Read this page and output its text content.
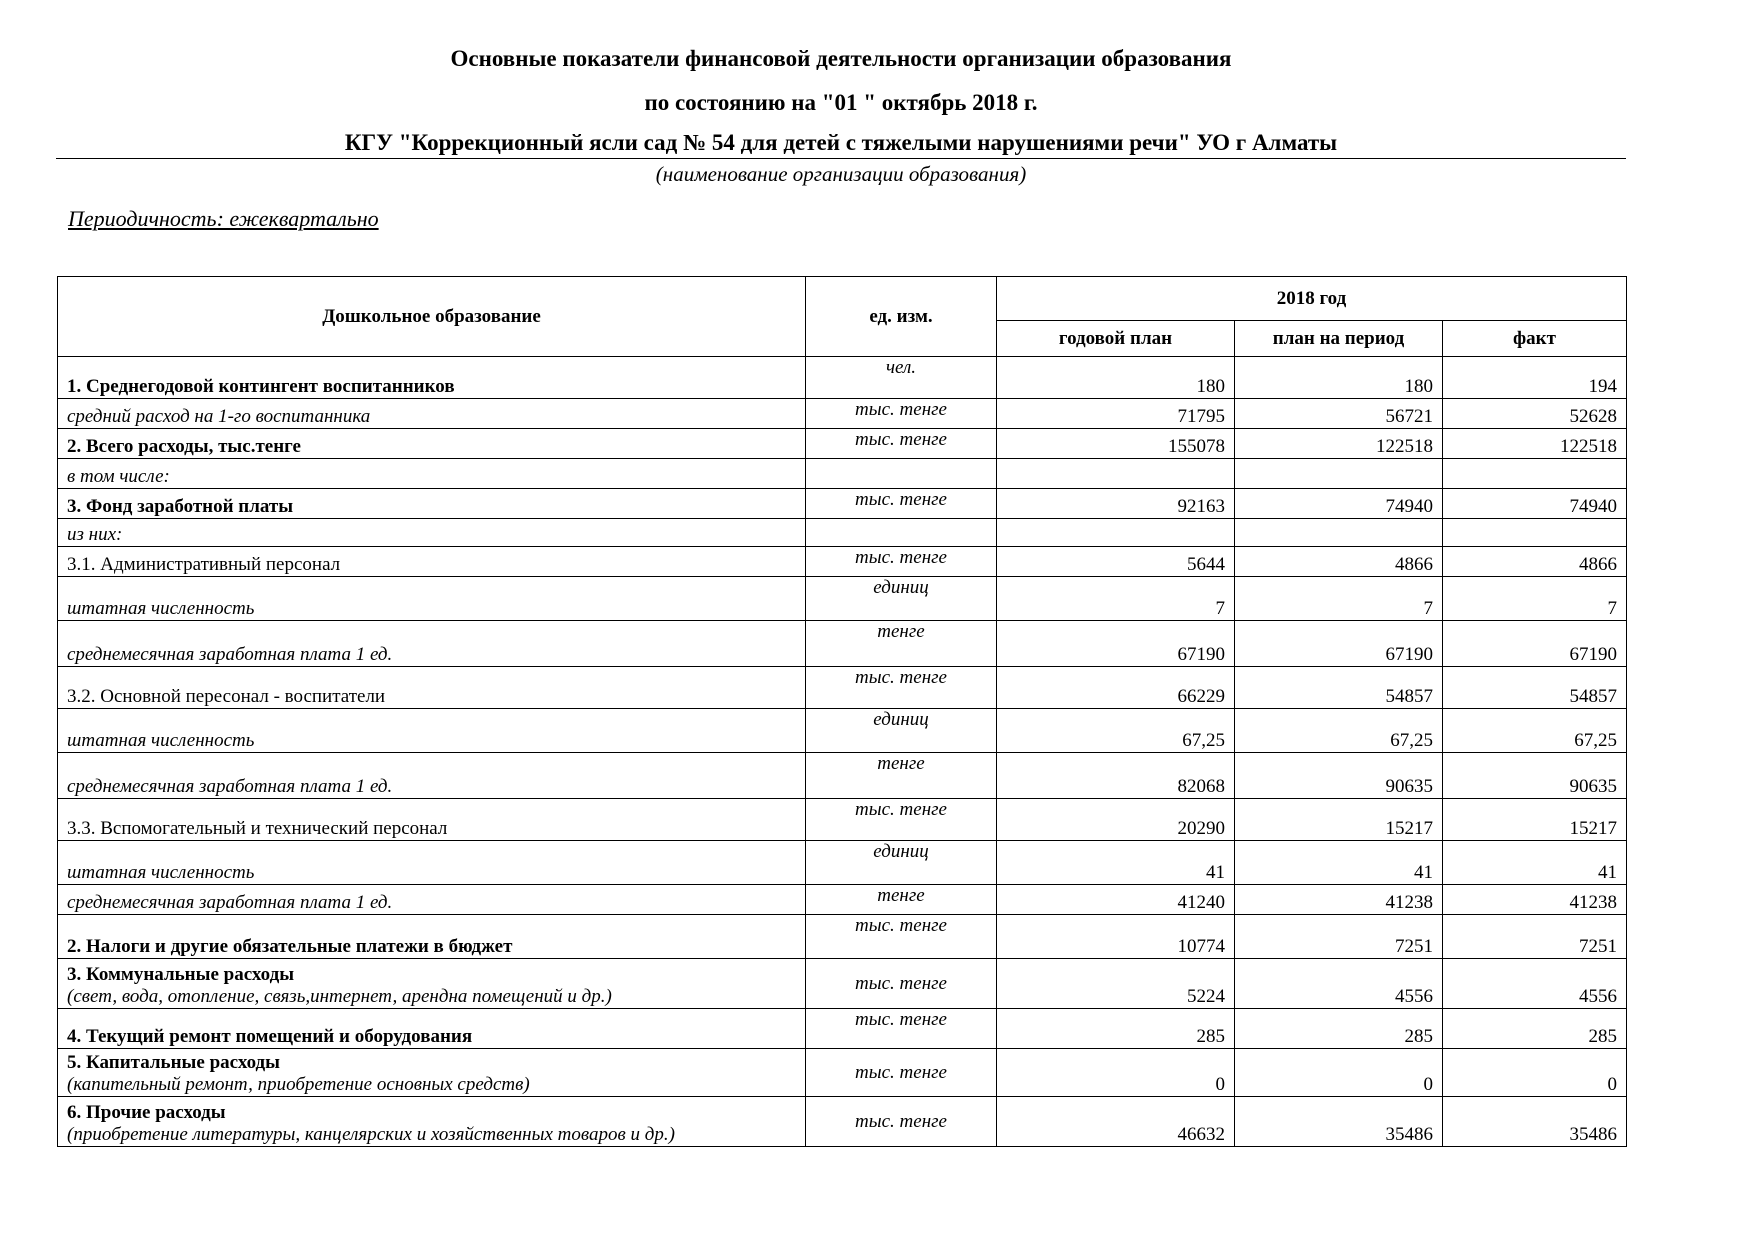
Основные показатели финансовой деятельности организации образования
по состоянию на "01 " октябрь 2018 г.
КГУ "Коррекционный ясли сад № 54 для детей с тяжелыми нарушениями речи" УО г Алматы
(наименование организации образования)
Периодичность: ежеквартально
Дошкольное образование	ед. изм.	2018 год		
		годовой план	план на период	факт
1. Среднегодовой контингент воспитанников	чел.	180	180	194
средний расход на 1-го воспитанника	тыс. тенге	71795	56721	52628
2. Всего расходы, тыс.тенге	тыс. тенге	155078	122518	122518
в том числе:				
3. Фонд заработной платы	тыс. тенге	92163	74940	74940
из них:				
3.1. Административный персонал	тыс. тенге	5644	4866	4866
штатная численность	единиц	7	7	7
среднемесячная заработная плата 1 ед.	тенге	67190	67190	67190
3.2. Основной пересонал - воспитатели	тыс. тенге	66229	54857	54857
штатная численность	единиц	67,25	67,25	67,25
среднемесячная заработная плата 1 ед.	тенге	82068	90635	90635
3.3. Вспомогательный и технический персонал	тыс. тенге	20290	15217	15217
штатная численность	единиц	41	41	41
среднемесячная заработная плата 1 ед.	тенге	41240	41238	41238
2. Налоги и другие обязательные платежи в бюджет	тыс. тенге	10774	7251	7251
3. Коммунальные расходы
(свет, вода, отопление, связь,интернет, арендна помещений и др.)	тыс. тенге	5224	4556	4556
4. Текущий ремонт помещений и оборудования	тыс. тенге	285	285	285
5. Капитальные расходы
(капительный ремонт, приобретение основных средств)	тыс. тенге	0	0	0
6. Прочие расходы
(приобретение литературы, канцелярских и хозяйственных товаров и др.)	тыс. тенге	46632	35486	35486
